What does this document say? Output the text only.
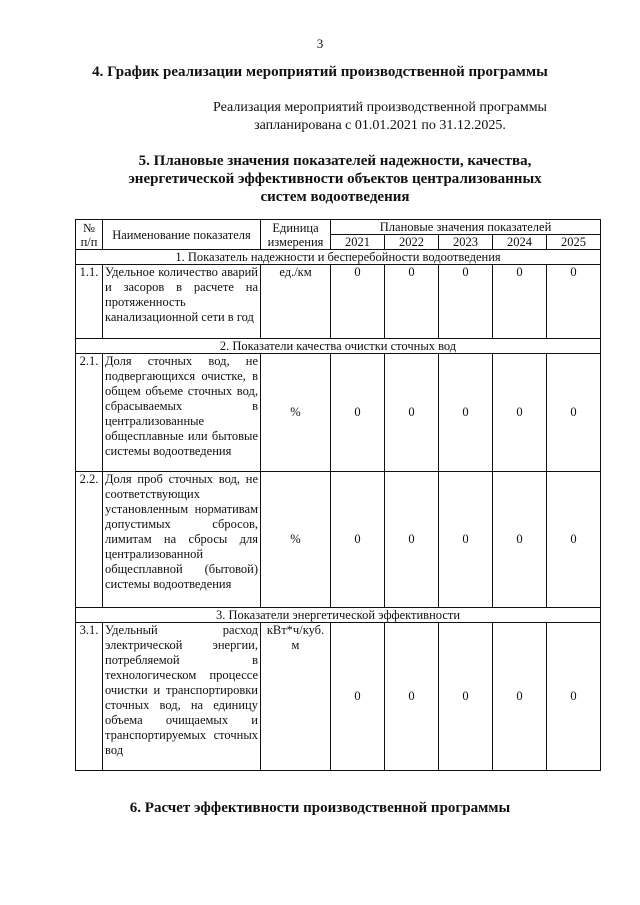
3
4. График реализации мероприятий производственной программы
Реализация мероприятий производственной программы
запланирована с 01.01.2021 по 31.12.2025.
5. Плановые значения показателей надежности, качества,
энергетической эффективности объектов централизованных
систем водоотведения
№ п/п	Наименование показателя	Единица измерения	Плановые значения показателей				
			2021	2022	2023	2024	2025
1. Показатель надежности и бесперебойности водоотведения							
1.1.	Удельное количество аварий и засоров в расчете на протяженность канализационной сети в год	ед./км	0	0	0	0	0
2. Показатели качества очистки сточных вод							
2.1.	Доля сточных вод, не подвергающихся очистке, в общем объеме сточных вод, сбрасываемых в централизованные общесплавные или бытовые системы водоотведения	%	0	0	0	0	0
2.2.	Доля проб сточных вод, не соответствующих установленным нормативам допустимых сбросов, лимитам на сбросы для централизованной общесплавной (бытовой) системы водоотведения	%	0	0	0	0	0
3. Показатели энергетической эффективности							
3.1.	Удельный расход электрической энергии, потребляемой в технологическом процессе очистки и транспортировки сточных вод, на единицу объема очищаемых и транспортируемых сточных вод	кВт*ч/куб. м	0	0	0	0	0
6. Расчет эффективности производственной программы
